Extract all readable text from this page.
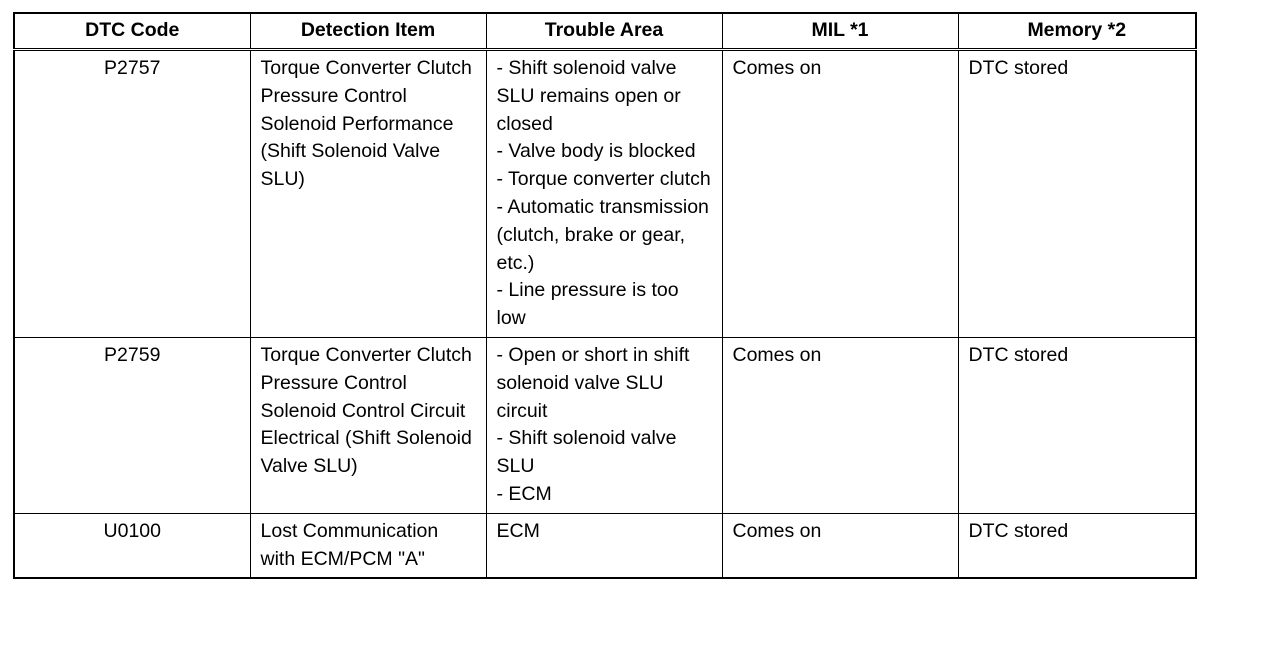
DTC Code	Detection Item	Trouble Area	MIL *1	Memory *2
P2757	Torque Converter Clutch Pressure Control Solenoid Performance (Shift Solenoid Valve SLU)	- Shift solenoid valve SLU remains open or closed
- Valve body is blocked
- Torque converter clutch
- Automatic transmission (clutch, brake or gear, etc.)
- Line pressure is too low	Comes on	DTC stored
P2759	Torque Converter Clutch Pressure Control Solenoid Control Circuit Electrical (Shift Solenoid Valve SLU)	- Open or short in shift solenoid valve SLU circuit
- Shift solenoid valve SLU
- ECM	Comes on	DTC stored
U0100	Lost Communication with ECM/PCM "A"	ECM	Comes on	DTC stored
